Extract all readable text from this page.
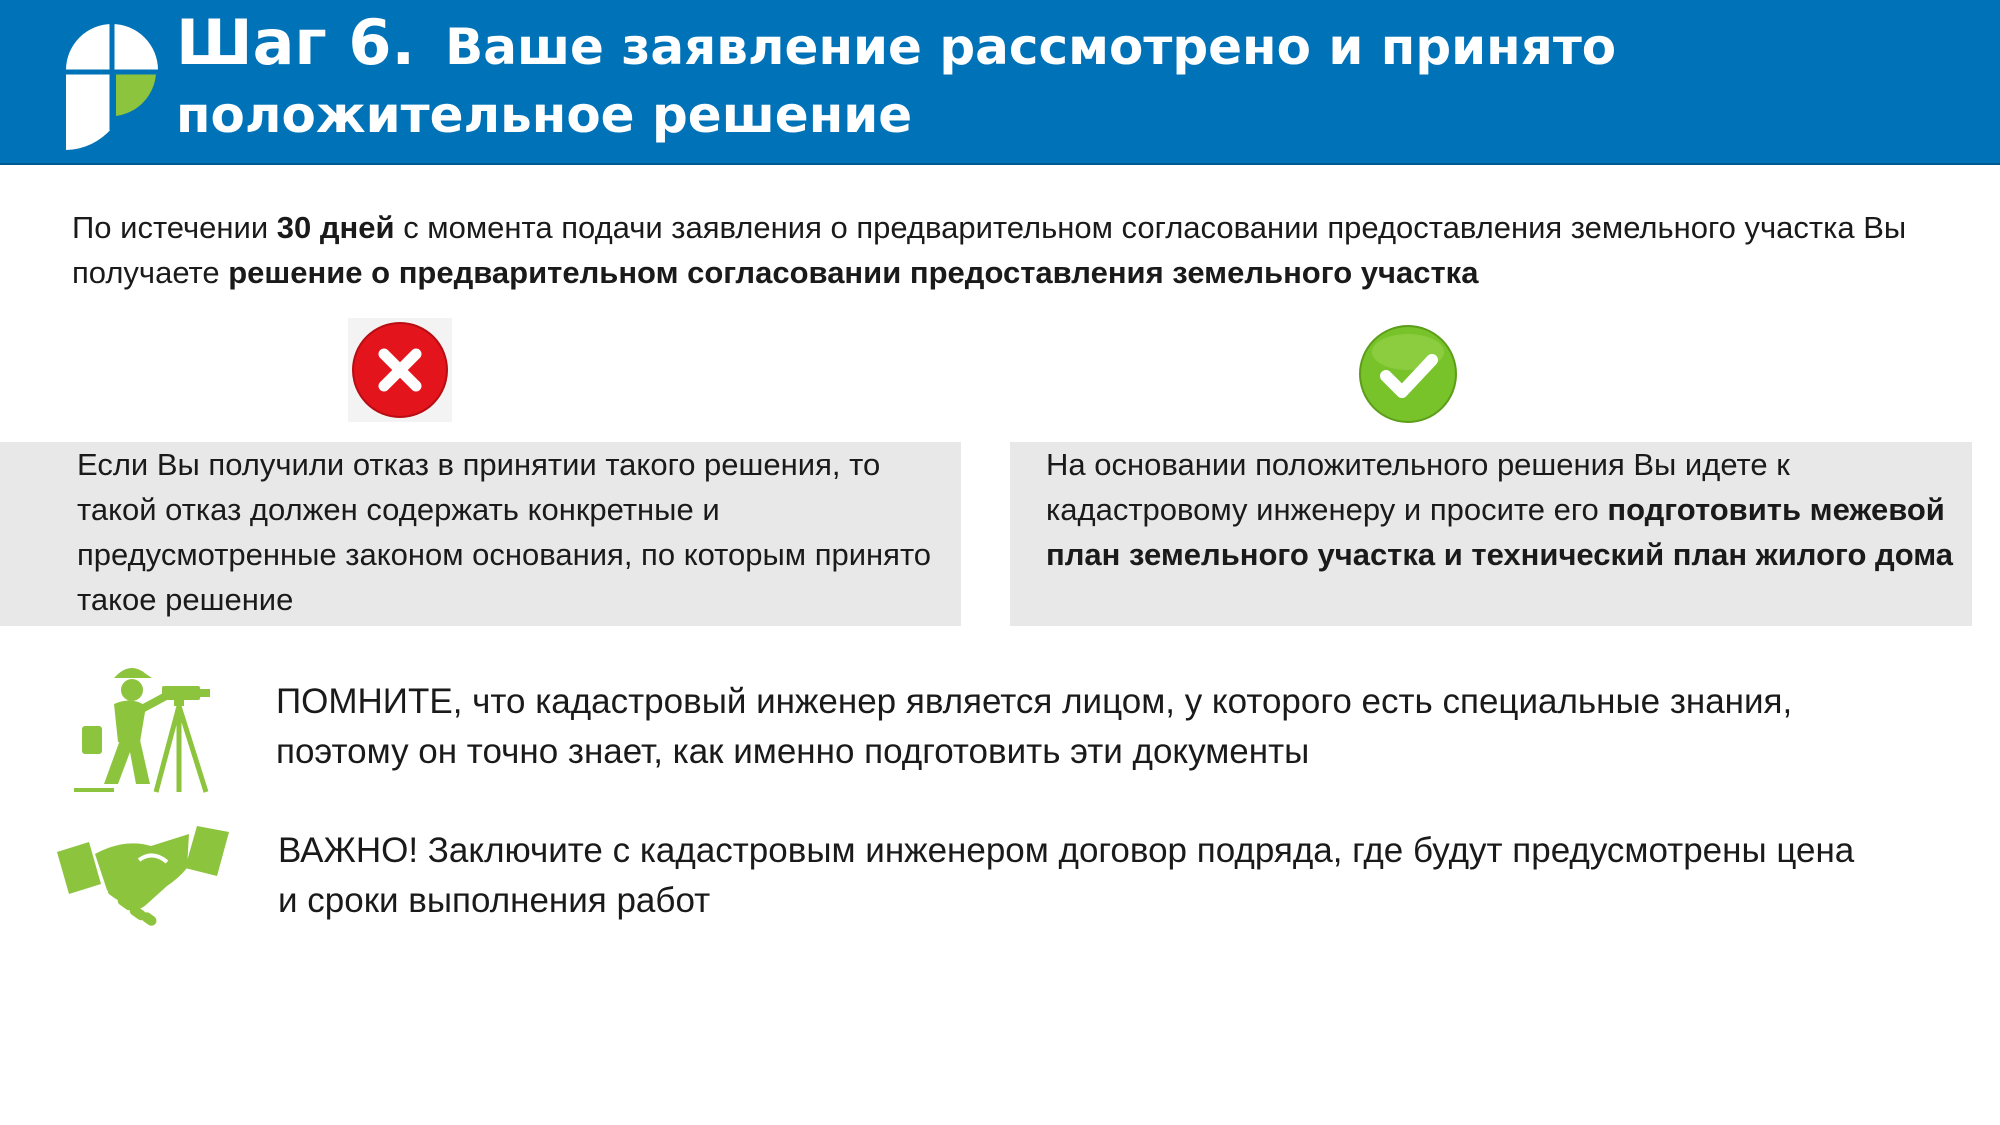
Шаг 6. Ваше заявление рассмотрено и принято
положительное решение
По истечении 30 дней с момента подачи заявления о предварительном согласовании предоставления земельного участка Вы получаете решение о предварительном согласовании предоставления земельного участка
Если Вы получили отказ в принятии такого решения, то такой отказ должен содержать конкретные и предусмотренные законом основания, по которым принято такое решение
На основании положительного решения Вы идете к кадастровому инженеру и просите его подготовить межевой план земельного участка и технический план жилого дома
ПОМНИТЕ, что кадастровый инженер является лицом, у которого есть специальные знания, поэтому он точно знает, как именно подготовить эти документы
ВАЖНО! Заключите с кадастровым инженером договор подряда, где будут предусмотрены цена и сроки выполнения работ
